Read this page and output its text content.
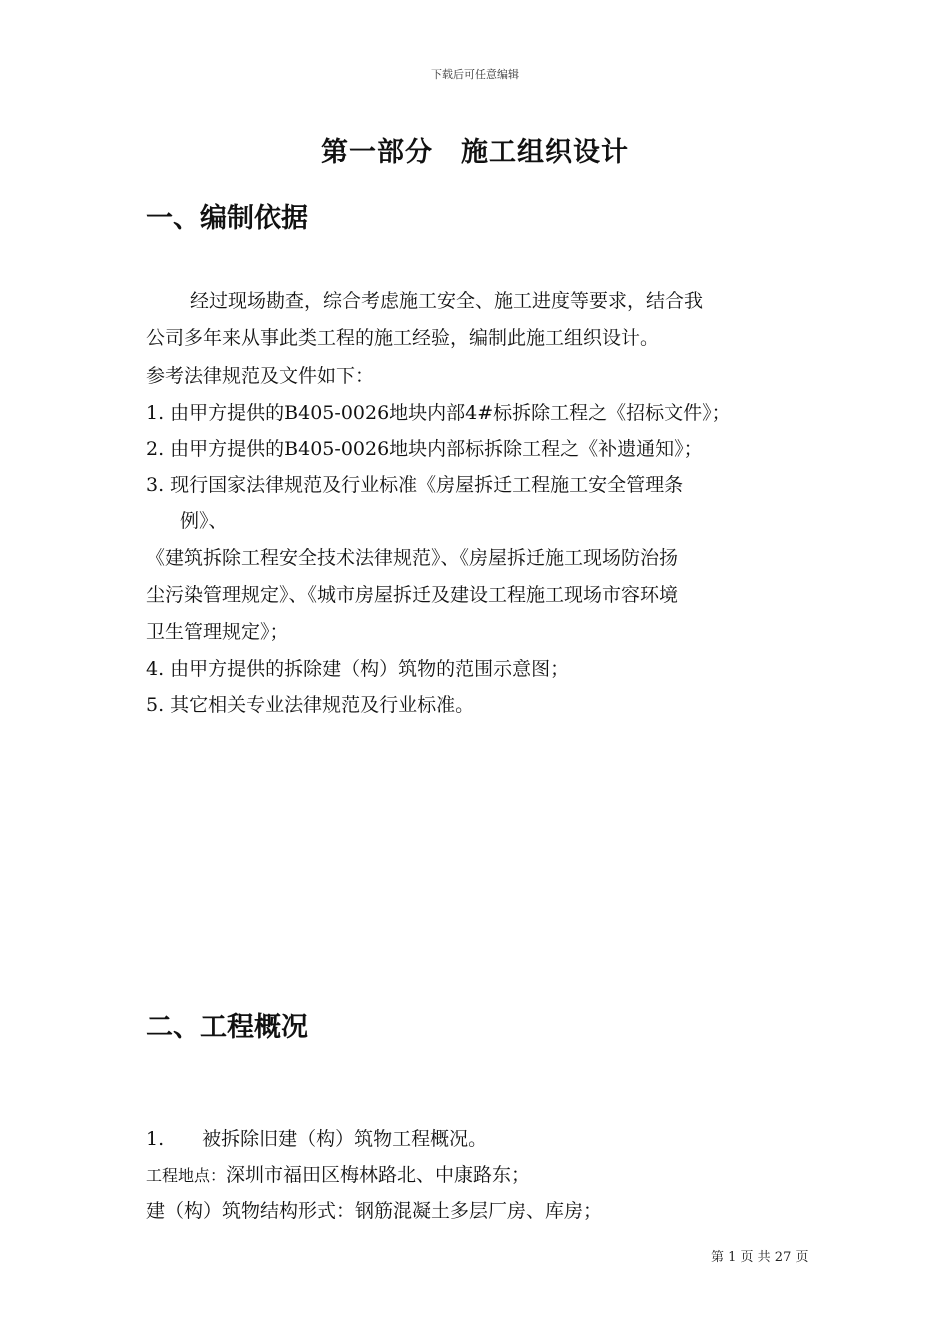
下载后可任意编辑
第一部分　施工组织设计
一、编制依据
经过现场勘查，综合考虑施工安全、施工进度等要求，结合我
公司多年来从事此类工程的施工经验，编制此施工组织设计。
参考法律规范及文件如下：
1. 由甲方提供的B405-0026地块内部4#标拆除工程之《招标文件》；
2. 由甲方提供的B405-0026地块内部标拆除工程之《补遗通知》；
3. 现行国家法律规范及行业标准《房屋拆迁工程施工安全管理条
例》、
《建筑拆除工程安全技术法律规范》、《房屋拆迁施工现场防治扬
尘污染管理规定》、《城市房屋拆迁及建设工程施工现场市容环境
卫生管理规定》；
4. 由甲方提供的拆除建（构）筑物的范围示意图；
5. 其它相关专业法律规范及行业标准。
二、工程概况
1.　　被拆除旧建（构）筑物工程概况。
工程地点：深圳市福田区梅林路北、中康路东；
建（构）筑物结构形式：钢筋混凝土多层厂房、库房；
第 1 页 共 27 页
